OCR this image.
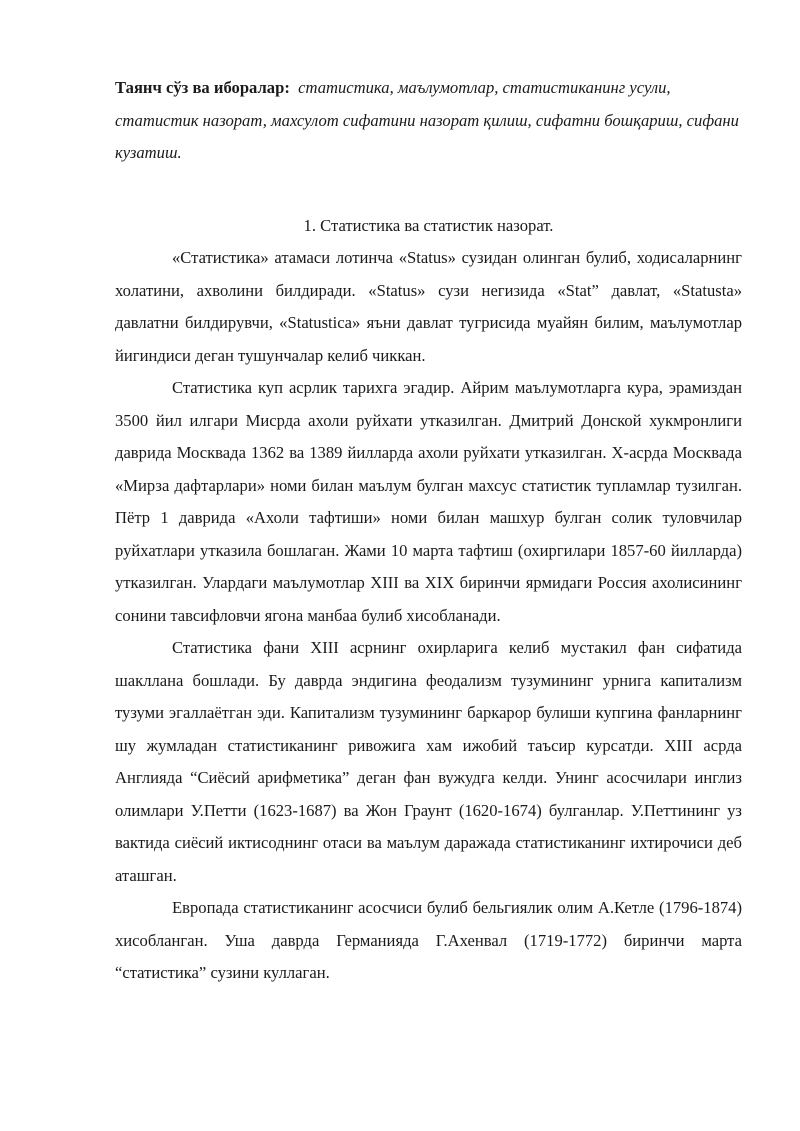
Таянч сўз ва иборалар: статистика, маълумотлар, статистиканинг усули, статистик назорат, махсулот сифатини назорат қилиш, сифатни бошқариш, сифани кузатиш.

1. Статистика ва статистик назорат.

«Статистика» атамаси лотинча «Status» сузидан олинган булиб, ходисаларнинг холатини, ахволини билдиради. «Status» сузи негизида «Stat” давлат, «Statusta» давлатни билдирувчи, «Statustica» яъни давлат тугрисида муайян билим, маълумотлар йигиндиси деган тушунчалар келиб чиккан.

Статистика куп асрлик тарихга эгадир. Айрим маълумотларга кура, эрамиздан 3500 йил илгари Мисрда ахоли руйхати утказилган. Дмитрий Донской хукмронлиги даврида Москвада 1362 ва 1389 йилларда ахоли руйхати утказилган. X-асрда Москвада «Мирза дафтарлари» номи билан маълум булган махсус статистик тупламлар тузилган. Пётр 1 даврида «Ахоли тафтиши» номи билан машхур булган солик туловчилар руйхатлари утказила бошлаган. Жами 10 марта тафтиш (охиргилари 1857-60 йилларда) утказилган. Улардаги маълумотлар XIII ва XIX биринчи ярмидаги Россия ахолисининг сонини тавсифловчи ягона манбаа булиб хисобланади.

Статистика фани XIII асрнинг охирларига келиб мустакил фан сифатида шакллана бошлади. Бу даврда эндигина феодализм тузумининг урнига капитализм тузуми эгаллаётган эди. Капитализм тузумининг баркарор булиши купгина фанларнинг шу жумладан статистиканинг ривожига хам ижобий таъсир курсатди. XIII асрда Англияда “Сиёсий арифметика” деган фан вужудга келди. Унинг асосчилари инглиз олимлари У.Петти (1623-1687) ва Жон Граунт (1620-1674) булганлар. У.Петтининг уз вактида сиёсий иктисоднинг отаси ва маълум даражада статистиканинг ихтирочиси деб аташган.

Европада статистиканинг асосчиси булиб бельгиялик олим А.Кетле (1796-1874) хисобланган. Уша даврда Германияда Г.Ахенвал (1719-1772) биринчи марта “статистика” сузини куллаган.
